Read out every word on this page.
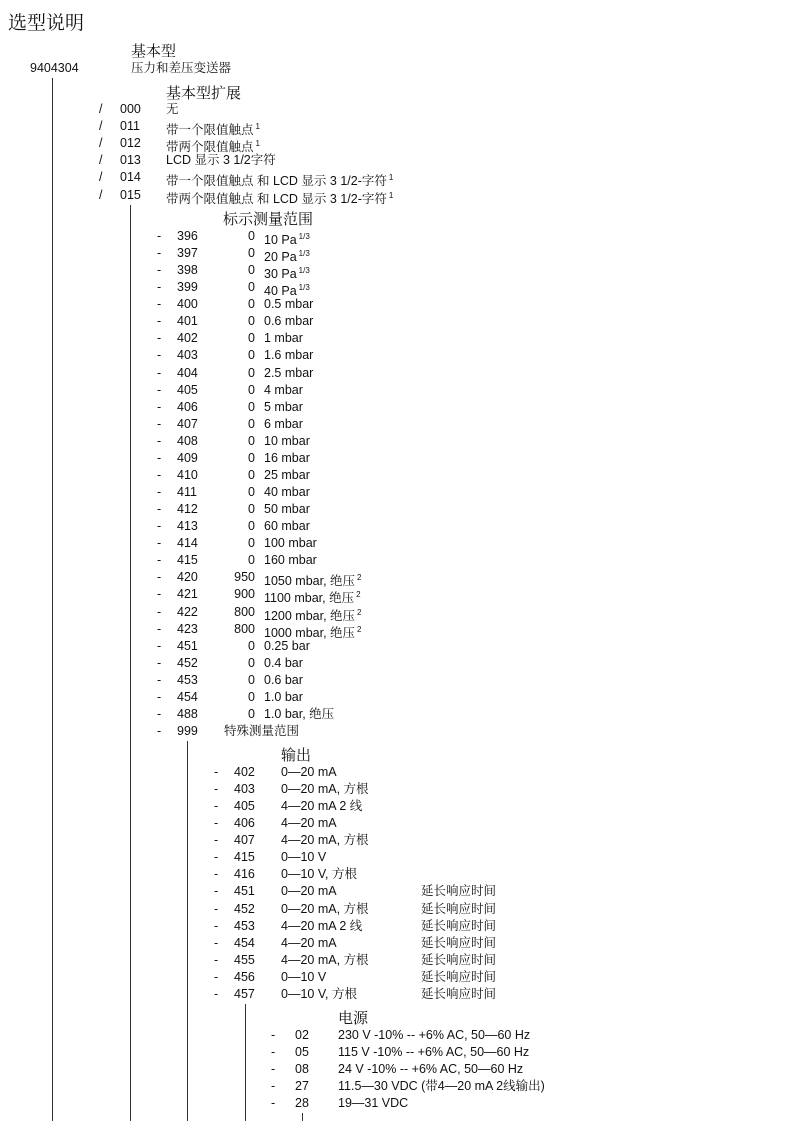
选型说明
基本型
9404304	压力和差压变送器
基本型扩展
标示测量范围
输出
电源
/ 000 无
/ 011 带一个限值触点 $^1$
/ 012 带两个限值触点 $^1$
/ 013 LCD 显示 3 1/2字符
/ 014 带一个限值触点 和 LCD 显示 3 1/2-字符 $^1$
/ 015 带两个限值触点 和 LCD 显示 3 1/2-字符 $^1$
- 396	0 10 Pa $^{1/3}$
- 397	0 20 Pa $^{1/3}$
- 398	0 30 Pa $^{1/3}$
- 399	0 40 Pa $^{1/3}$
- 400	0 0.5 mbar
- 401	0 0.6 mbar
- 402	0 1 mbar
- 403	0 1.6 mbar
- 404	0 2.5 mbar
- 405	0 4 mbar
- 406	0 5 mbar
- 407	0 6 mbar
- 408	0 10 mbar
- 409	0 16 mbar
- 410	0 25 mbar
- 411	0 40 mbar
- 412	0 50 mbar
- 413	0 60 mbar
- 414	0 100 mbar
- 415	0 160 mbar
- 420	950 1050 mbar, 绝压 $^2$
- 421	900 1100 mbar, 绝压 $^2$
- 422	800 1200 mbar, 绝压 $^2$
- 423	800 1000 mbar, 绝压 $^2$
- 451	0 0.25 bar
- 452	0 0.4 bar
- 453	0 0.6 bar
- 454	0 1.0 bar
- 488	0 1.0 bar, 绝压
- 999 特殊测量范围
- 402 0—20 mA
- 403 0—20 mA, 方根
- 405 4—20 mA 2 线
- 406 4—20 mA
- 407 4—20 mA, 方根
- 415 0—10 V
- 416 0—10 V, 方根
- 451 0—20 mA	延长响应时间
- 452 0—20 mA, 方根	延长响应时间
- 453 4—20 mA 2 线	延长响应时间
- 454 4—20 mA	延长响应时间
- 455 4—20 mA, 方根	延长响应时间
- 456 0—10 V	延长响应时间
- 457 0—10 V, 方根	延长响应时间
- 02 230 V -10% -- +6% AC, 50—60 Hz
- 05 115 V -10% -- +6% AC, 50—60 Hz
- 08 24 V -10% -- +6% AC, 50—60 Hz
- 27 11.5—30 VDC (带4—20 mA 2线输出)
- 28 19—31 VDC
